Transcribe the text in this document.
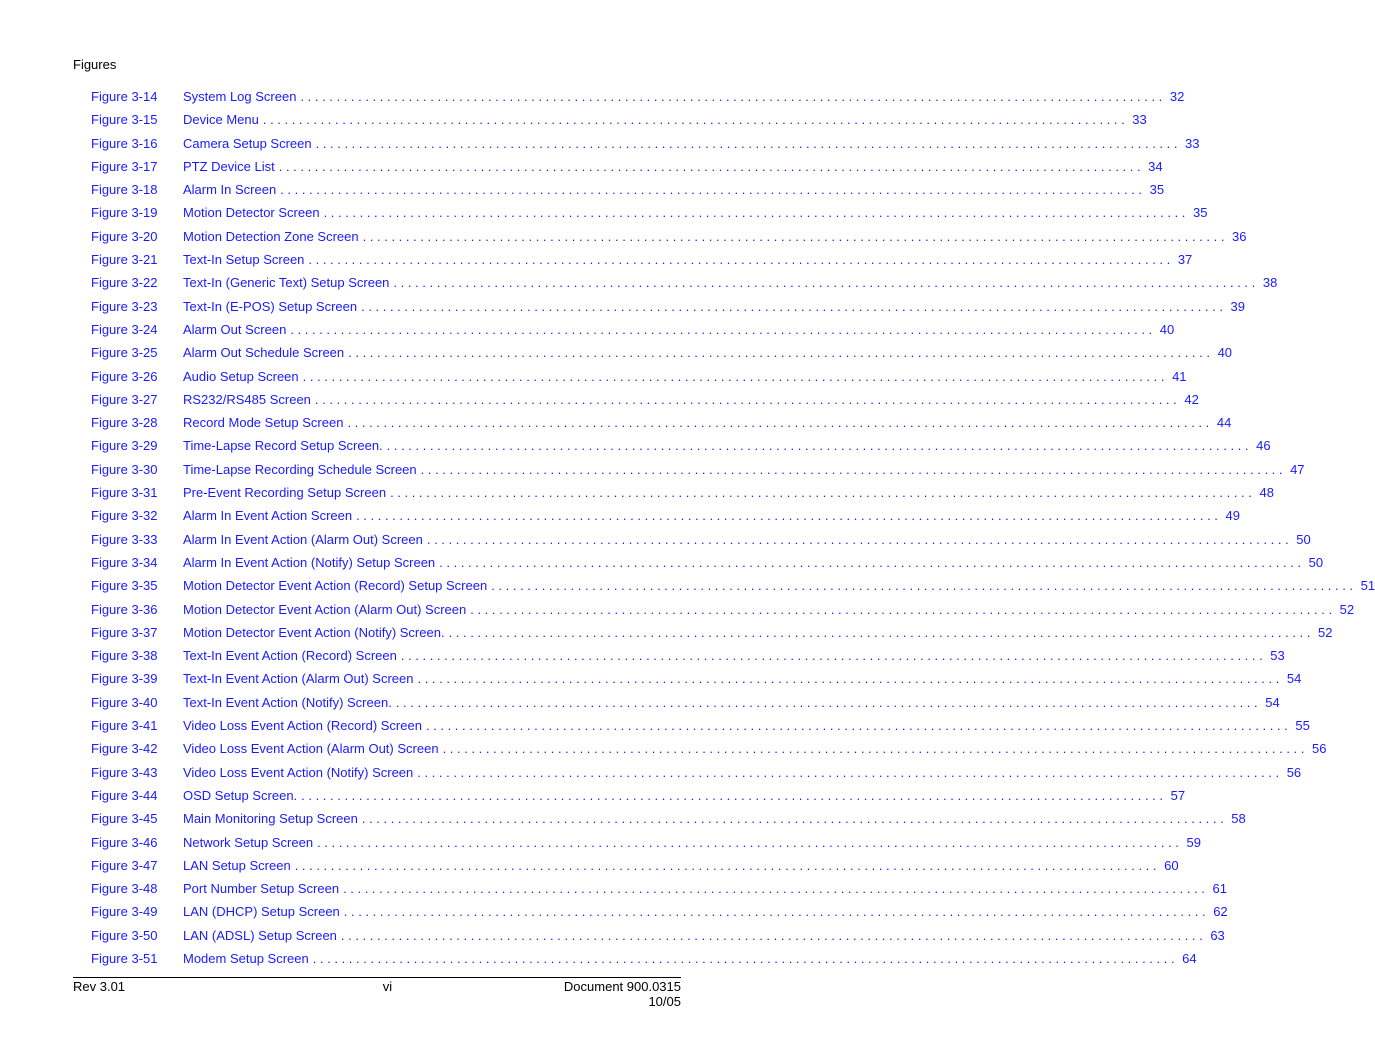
Figures
Figure 3-14	System Log Screen ........................................................................................................................ 32
Figure 3-15	Device Menu ........................................................................................................................ 33
Figure 3-16	Camera Setup Screen ........................................................................................................................ 33
Figure 3-17	PTZ Device List ........................................................................................................................ 34
Figure 3-18	Alarm In Screen ........................................................................................................................ 35
Figure 3-19	Motion Detector Screen ........................................................................................................................ 35
Figure 3-20	Motion Detection Zone Screen ........................................................................................................................ 36
Figure 3-21	Text-In Setup Screen ........................................................................................................................ 37
Figure 3-22	Text-In (Generic Text) Setup Screen ........................................................................................................................ 38
Figure 3-23	Text-In (E-POS) Setup Screen ........................................................................................................................ 39
Figure 3-24	Alarm Out Screen ........................................................................................................................ 40
Figure 3-25	Alarm Out Schedule Screen ........................................................................................................................ 40
Figure 3-26	Audio Setup Screen ........................................................................................................................ 41
Figure 3-27	RS232/RS485 Screen ........................................................................................................................ 42
Figure 3-28	Record Mode Setup Screen ........................................................................................................................ 44
Figure 3-29	Time-Lapse Record Setup Screen. ........................................................................................................................ 46
Figure 3-30	Time-Lapse Recording Schedule Screen ........................................................................................................................ 47
Figure 3-31	Pre-Event Recording Setup Screen ........................................................................................................................ 48
Figure 3-32	Alarm In Event Action Screen ........................................................................................................................ 49
Figure 3-33	Alarm In Event Action (Alarm Out) Screen ........................................................................................................................ 50
Figure 3-34	Alarm In Event Action (Notify) Setup Screen ........................................................................................................................ 50
Figure 3-35	Motion Detector Event Action (Record) Setup Screen ........................................................................................................................ 51
Figure 3-36	Motion Detector Event Action (Alarm Out) Screen ........................................................................................................................ 52
Figure 3-37	Motion Detector Event Action (Notify) Screen. ........................................................................................................................ 52
Figure 3-38	Text-In Event Action (Record) Screen ........................................................................................................................ 53
Figure 3-39	Text-In Event Action (Alarm Out) Screen ........................................................................................................................ 54
Figure 3-40	Text-In Event Action (Notify) Screen. ........................................................................................................................ 54
Figure 3-41	Video Loss Event Action (Record) Screen ........................................................................................................................ 55
Figure 3-42	Video Loss Event Action (Alarm Out) Screen ........................................................................................................................ 56
Figure 3-43	Video Loss Event Action (Notify) Screen ........................................................................................................................ 56
Figure 3-44	OSD Setup Screen. ........................................................................................................................ 57
Figure 3-45	Main Monitoring Setup Screen ........................................................................................................................ 58
Figure 3-46	Network Setup Screen ........................................................................................................................ 59
Figure 3-47	LAN Setup Screen ........................................................................................................................ 60
Figure 3-48	Port Number Setup Screen ........................................................................................................................ 61
Figure 3-49	LAN (DHCP) Setup Screen ........................................................................................................................ 62
Figure 3-50	LAN (ADSL) Setup Screen ........................................................................................................................ 63
Figure 3-51	Modem Setup Screen ........................................................................................................................ 64
Rev 3.01	vi	Document 900.0315
10/05
